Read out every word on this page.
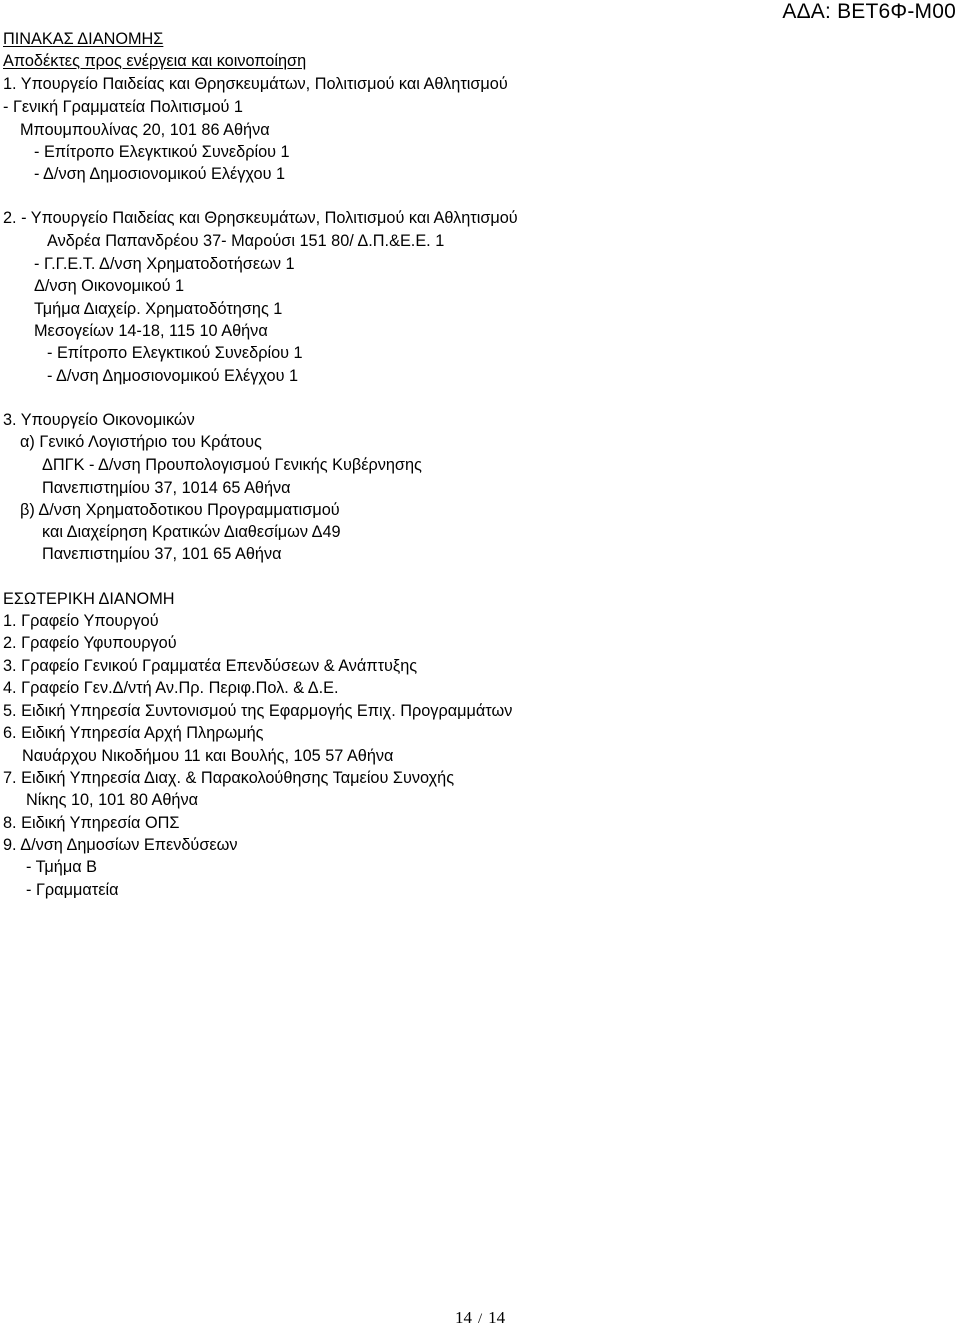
ΑΔΑ: ΒΕΤ6Φ-Μ00
ΠΙΝΑΚΑΣ ΔΙΑΝΟΜΗΣ
Αποδέκτες προς ενέργεια και κοινοποίηση
1. Υπουργείο Παιδείας και Θρησκευμάτων, Πολιτισμού και Αθλητισμού
- Γενική Γραμματεία Πολιτισμού 1
Μπουμπουλίνας 20, 101 86 Αθήνα
- Επίτροπο Ελεγκτικού Συνεδρίου 1
- Δ/νση Δημοσιονομικού Ελέγχου 1
2. - Υπουργείο Παιδείας και Θρησκευμάτων, Πολιτισμού και Αθλητισμού
Ανδρέα Παπανδρέου 37- Μαρούσι 151 80/ Δ.Π.&Ε.Ε. 1
- Γ.Γ.Ε.Τ. Δ/νση Χρηματοδοτήσεων 1
Δ/νση Οικονομικού 1
Τμήμα Διαχείρ. Χρηματοδότησης 1
Μεσογείων 14-18, 115 10 Αθήνα
- Επίτροπο Ελεγκτικού Συνεδρίου 1
- Δ/νση Δημοσιονομικού Ελέγχου 1
3. Υπουργείο Οικονομικών
α) Γενικό Λογιστήριο του Κράτους
ΔΠΓΚ - Δ/νση Προυπολογισμού Γενικής Κυβέρνησης
Πανεπιστημίου 37, 1014 65 Αθήνα
β) Δ/νση Χρηματοδοτικου Προγραμματισμού
και Διαχείρηση Κρατικών Διαθεσίμων Δ49
Πανεπιστημίου 37, 101 65 Αθήνα
ΕΣΩΤΕΡΙΚΗ ΔΙΑΝΟΜΗ
1. Γραφείο Υπουργού
2. Γραφείο Υφυπουργού
3. Γραφείο Γενικού Γραμματέα Επενδύσεων & Ανάπτυξης
4. Γραφείο Γεν.Δ/ντή Αν.Πρ. Περιφ.Πολ. & Δ.Ε.
5. Ειδική Υπηρεσία Συντονισμού της Εφαρμογής Επιχ. Προγραμμάτων
6. Ειδική Υπηρεσία Αρχή Πληρωμής
Ναυάρχου Νικοδήμου 11 και Βουλής, 105 57 Αθήνα
7. Ειδική Υπηρεσία Διαχ. & Παρακολούθησης Ταμείου Συνοχής
Νίκης 10, 101 80 Αθήνα
8. Ειδική Υπηρεσία ΟΠΣ
9. Δ/νση Δημοσίων Επενδύσεων
- Τμήμα Β
- Γραμματεία
14 / 14
